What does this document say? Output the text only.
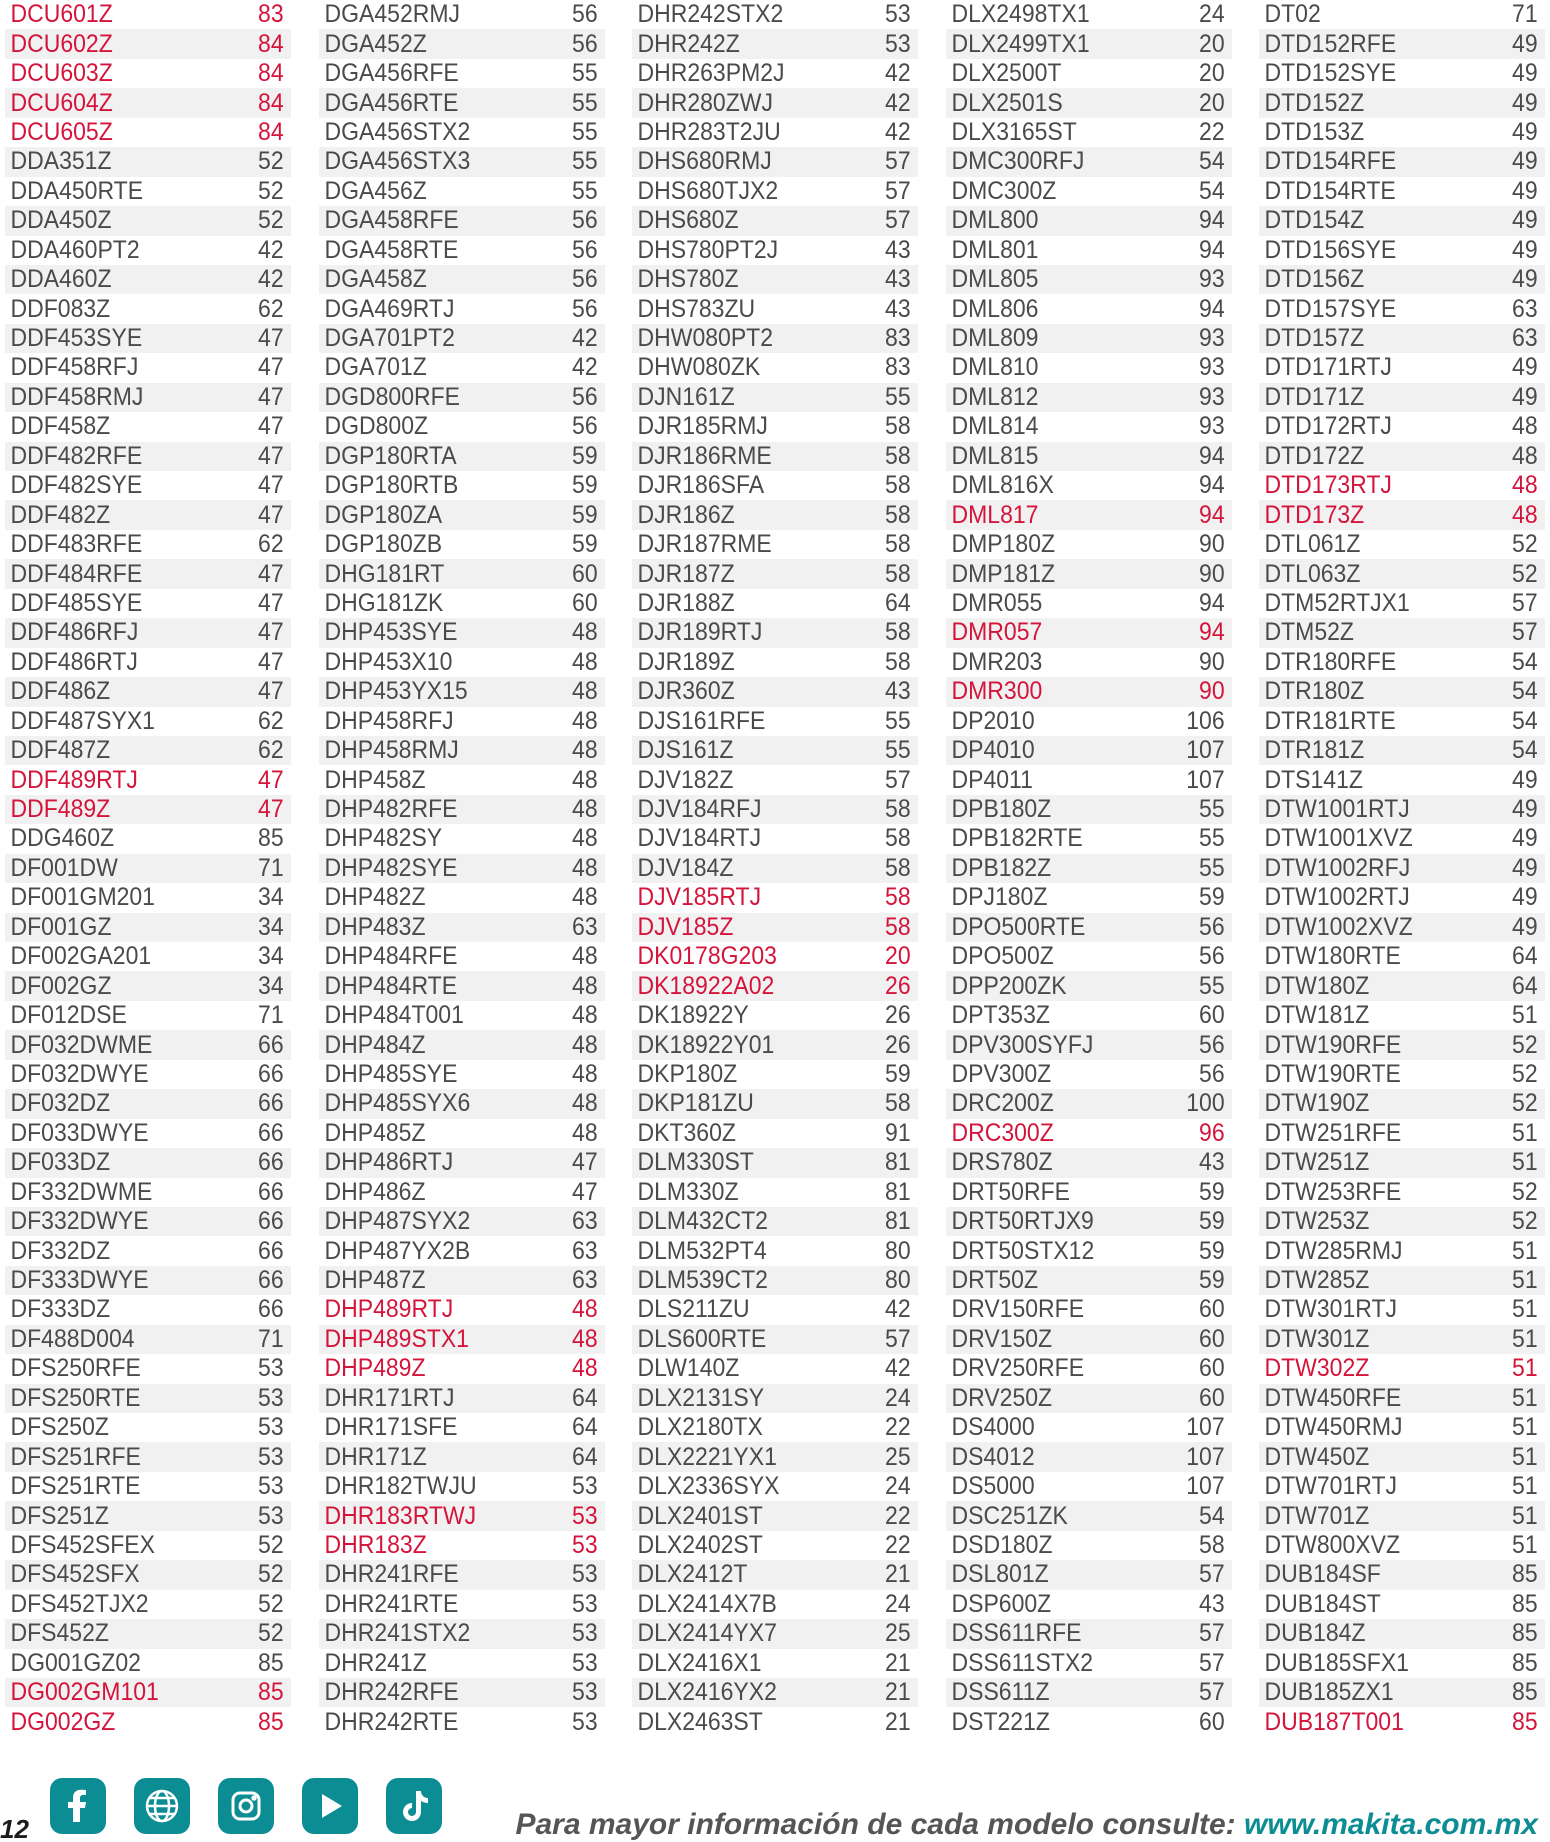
DCU601Z	83
DCU602Z	84
DCU603Z	84
DCU604Z	84
DCU605Z	84
DDA351Z	52
DDA450RTE	52
DDA450Z	52
DDA460PT2	42
DDA460Z	42
DDF083Z	62
DDF453SYE	47
DDF458RFJ	47
DDF458RMJ	47
DDF458Z	47
DDF482RFE	47
DDF482SYE	47
DDF482Z	47
DDF483RFE	62
DDF484RFE	47
DDF485SYE	47
DDF486RFJ	47
DDF486RTJ	47
DDF486Z	47
DDF487SYX1	62
DDF487Z	62
DDF489RTJ	47
DDF489Z	47
DDG460Z	85
DF001DW	71
DF001GM201	34
DF001GZ	34
DF002GA201	34
DF002GZ	34
DF012DSE	71
DF032DWME	66
DF032DWYE	66
DF032DZ	66
DF033DWYE	66
DF033DZ	66
DF332DWME	66
DF332DWYE	66
DF332DZ	66
DF333DWYE	66
DF333DZ	66
DF488D004	71
DFS250RFE	53
DFS250RTE	53
DFS250Z	53
DFS251RFE	53
DFS251RTE	53
DFS251Z	53
DFS452SFEX	52
DFS452SFX	52
DFS452TJX2	52
DFS452Z	52
DG001GZ02	85
DG002GM101	85
DG002GZ	85
DGA452RMJ	56
DGA452Z	56
DGA456RFE	55
DGA456RTE	55
DGA456STX2	55
DGA456STX3	55
DGA456Z	55
DGA458RFE	56
DGA458RTE	56
DGA458Z	56
DGA469RTJ	56
DGA701PT2	42
DGA701Z	42
DGD800RFE	56
DGD800Z	56
DGP180RTA	59
DGP180RTB	59
DGP180ZA	59
DGP180ZB	59
DHG181RT	60
DHG181ZK	60
DHP453SYE	48
DHP453X10	48
DHP453YX15	48
DHP458RFJ	48
DHP458RMJ	48
DHP458Z	48
DHP482RFE	48
DHP482SY	48
DHP482SYE	48
DHP482Z	48
DHP483Z	63
DHP484RFE	48
DHP484RTE	48
DHP484T001	48
DHP484Z	48
DHP485SYE	48
DHP485SYX6	48
DHP485Z	48
DHP486RTJ	47
DHP486Z	47
DHP487SYX2	63
DHP487YX2B	63
DHP487Z	63
DHP489RTJ	48
DHP489STX1	48
DHP489Z	48
DHR171RTJ	64
DHR171SFE	64
DHR171Z	64
DHR182TWJU	53
DHR183RTWJ	53
DHR183Z	53
DHR241RFE	53
DHR241RTE	53
DHR241STX2	53
DHR241Z	53
DHR242RFE	53
DHR242RTE	53
DHR242STX2	53
DHR242Z	53
DHR263PM2J	42
DHR280ZWJ	42
DHR283T2JU	42
DHS680RMJ	57
DHS680TJX2	57
DHS680Z	57
DHS780PT2J	43
DHS780Z	43
DHS783ZU	43
DHW080PT2	83
DHW080ZK	83
DJN161Z	55
DJR185RMJ	58
DJR186RME	58
DJR186SFA	58
DJR186Z	58
DJR187RME	58
DJR187Z	58
DJR188Z	64
DJR189RTJ	58
DJR189Z	58
DJR360Z	43
DJS161RFE	55
DJS161Z	55
DJV182Z	57
DJV184RFJ	58
DJV184RTJ	58
DJV184Z	58
DJV185RTJ	58
DJV185Z	58
DK0178G203	20
DK18922A02	26
DK18922Y	26
DK18922Y01	26
DKP180Z	59
DKP181ZU	58
DKT360Z	91
DLM330ST	81
DLM330Z	81
DLM432CT2	81
DLM532PT4	80
DLM539CT2	80
DLS211ZU	42
DLS600RTE	57
DLW140Z	42
DLX2131SY	24
DLX2180TX	22
DLX2221YX1	25
DLX2336SYX	24
DLX2401ST	22
DLX2402ST	22
DLX2412T	21
DLX2414X7B	24
DLX2414YX7	25
DLX2416X1	21
DLX2416YX2	21
DLX2463ST	21
DLX2498TX1	24
DLX2499TX1	20
DLX2500T	20
DLX2501S	20
DLX3165ST	22
DMC300RFJ	54
DMC300Z	54
DML800	94
DML801	94
DML805	93
DML806	94
DML809	93
DML810	93
DML812	93
DML814	93
DML815	94
DML816X	94
DML817	94
DMP180Z	90
DMP181Z	90
DMR055	94
DMR057	94
DMR203	90
DMR300	90
DP2010	106
DP4010	107
DP4011	107
DPB180Z	55
DPB182RTE	55
DPB182Z	55
DPJ180Z	59
DPO500RTE	56
DPO500Z	56
DPP200ZK	55
DPT353Z	60
DPV300SYFJ	56
DPV300Z	56
DRC200Z	100
DRC300Z	96
DRS780Z	43
DRT50RFE	59
DRT50RTJX9	59
DRT50STX12	59
DRT50Z	59
DRV150RFE	60
DRV150Z	60
DRV250RFE	60
DRV250Z	60
DS4000	107
DS4012	107
DS5000	107
DSC251ZK	54
DSD180Z	58
DSL801Z	57
DSP600Z	43
DSS611RFE	57
DSS611STX2	57
DSS611Z	57
DST221Z	60
DT02	71
DTD152RFE	49
DTD152SYE	49
DTD152Z	49
DTD153Z	49
DTD154RFE	49
DTD154RTE	49
DTD154Z	49
DTD156SYE	49
DTD156Z	49
DTD157SYE	63
DTD157Z	63
DTD171RTJ	49
DTD171Z	49
DTD172RTJ	48
DTD172Z	48
DTD173RTJ	48
DTD173Z	48
DTL061Z	52
DTL063Z	52
DTM52RTJX1	57
DTM52Z	57
DTR180RFE	54
DTR180Z	54
DTR181RTE	54
DTR181Z	54
DTS141Z	49
DTW1001RTJ	49
DTW1001XVZ	49
DTW1002RFJ	49
DTW1002RTJ	49
DTW1002XVZ	49
DTW180RTE	64
DTW180Z	64
DTW181Z	51
DTW190RFE	52
DTW190RTE	52
DTW190Z	52
DTW251RFE	51
DTW251Z	51
DTW253RFE	52
DTW253Z	52
DTW285RMJ	51
DTW285Z	51
DTW301RTJ	51
DTW301Z	51
DTW302Z	51
DTW450RFE	51
DTW450RMJ	51
DTW450Z	51
DTW701RTJ	51
DTW701Z	51
DTW800XVZ	51
DUB184SF	85
DUB184ST	85
DUB184Z	85
DUB185SFX1	85
DUB185ZX1	85
DUB187T001	85
12	Para mayor información de cada modelo consulte: www.makita.com.mx
